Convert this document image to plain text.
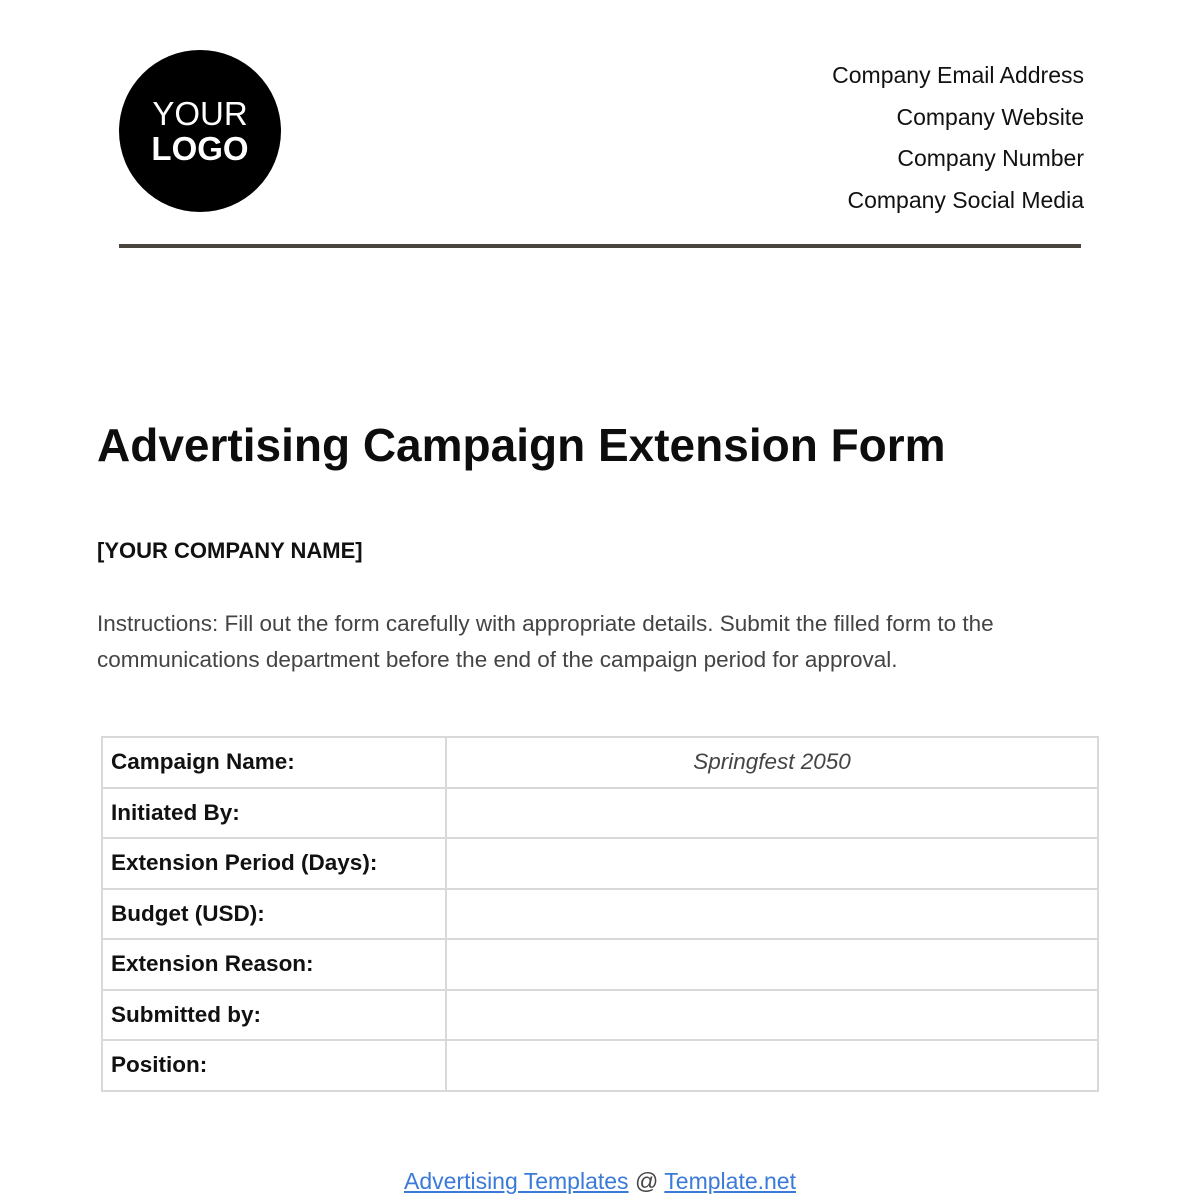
YOUR
LOGO
Company Email Address
Company Website
Company Number
Company Social Media
Advertising Campaign Extension Form
[YOUR COMPANY NAME]

Instructions: Fill out the form carefully with appropriate details. Submit the filled form to the communications department before the end of the campaign period for approval.

Campaign Name:	Springfest 2050
Initiated By:	
Extension Period (Days):	
Budget (USD):	
Extension Reason:	
Submitted by:	
Position:	
Advertising Templates @ Template.net
